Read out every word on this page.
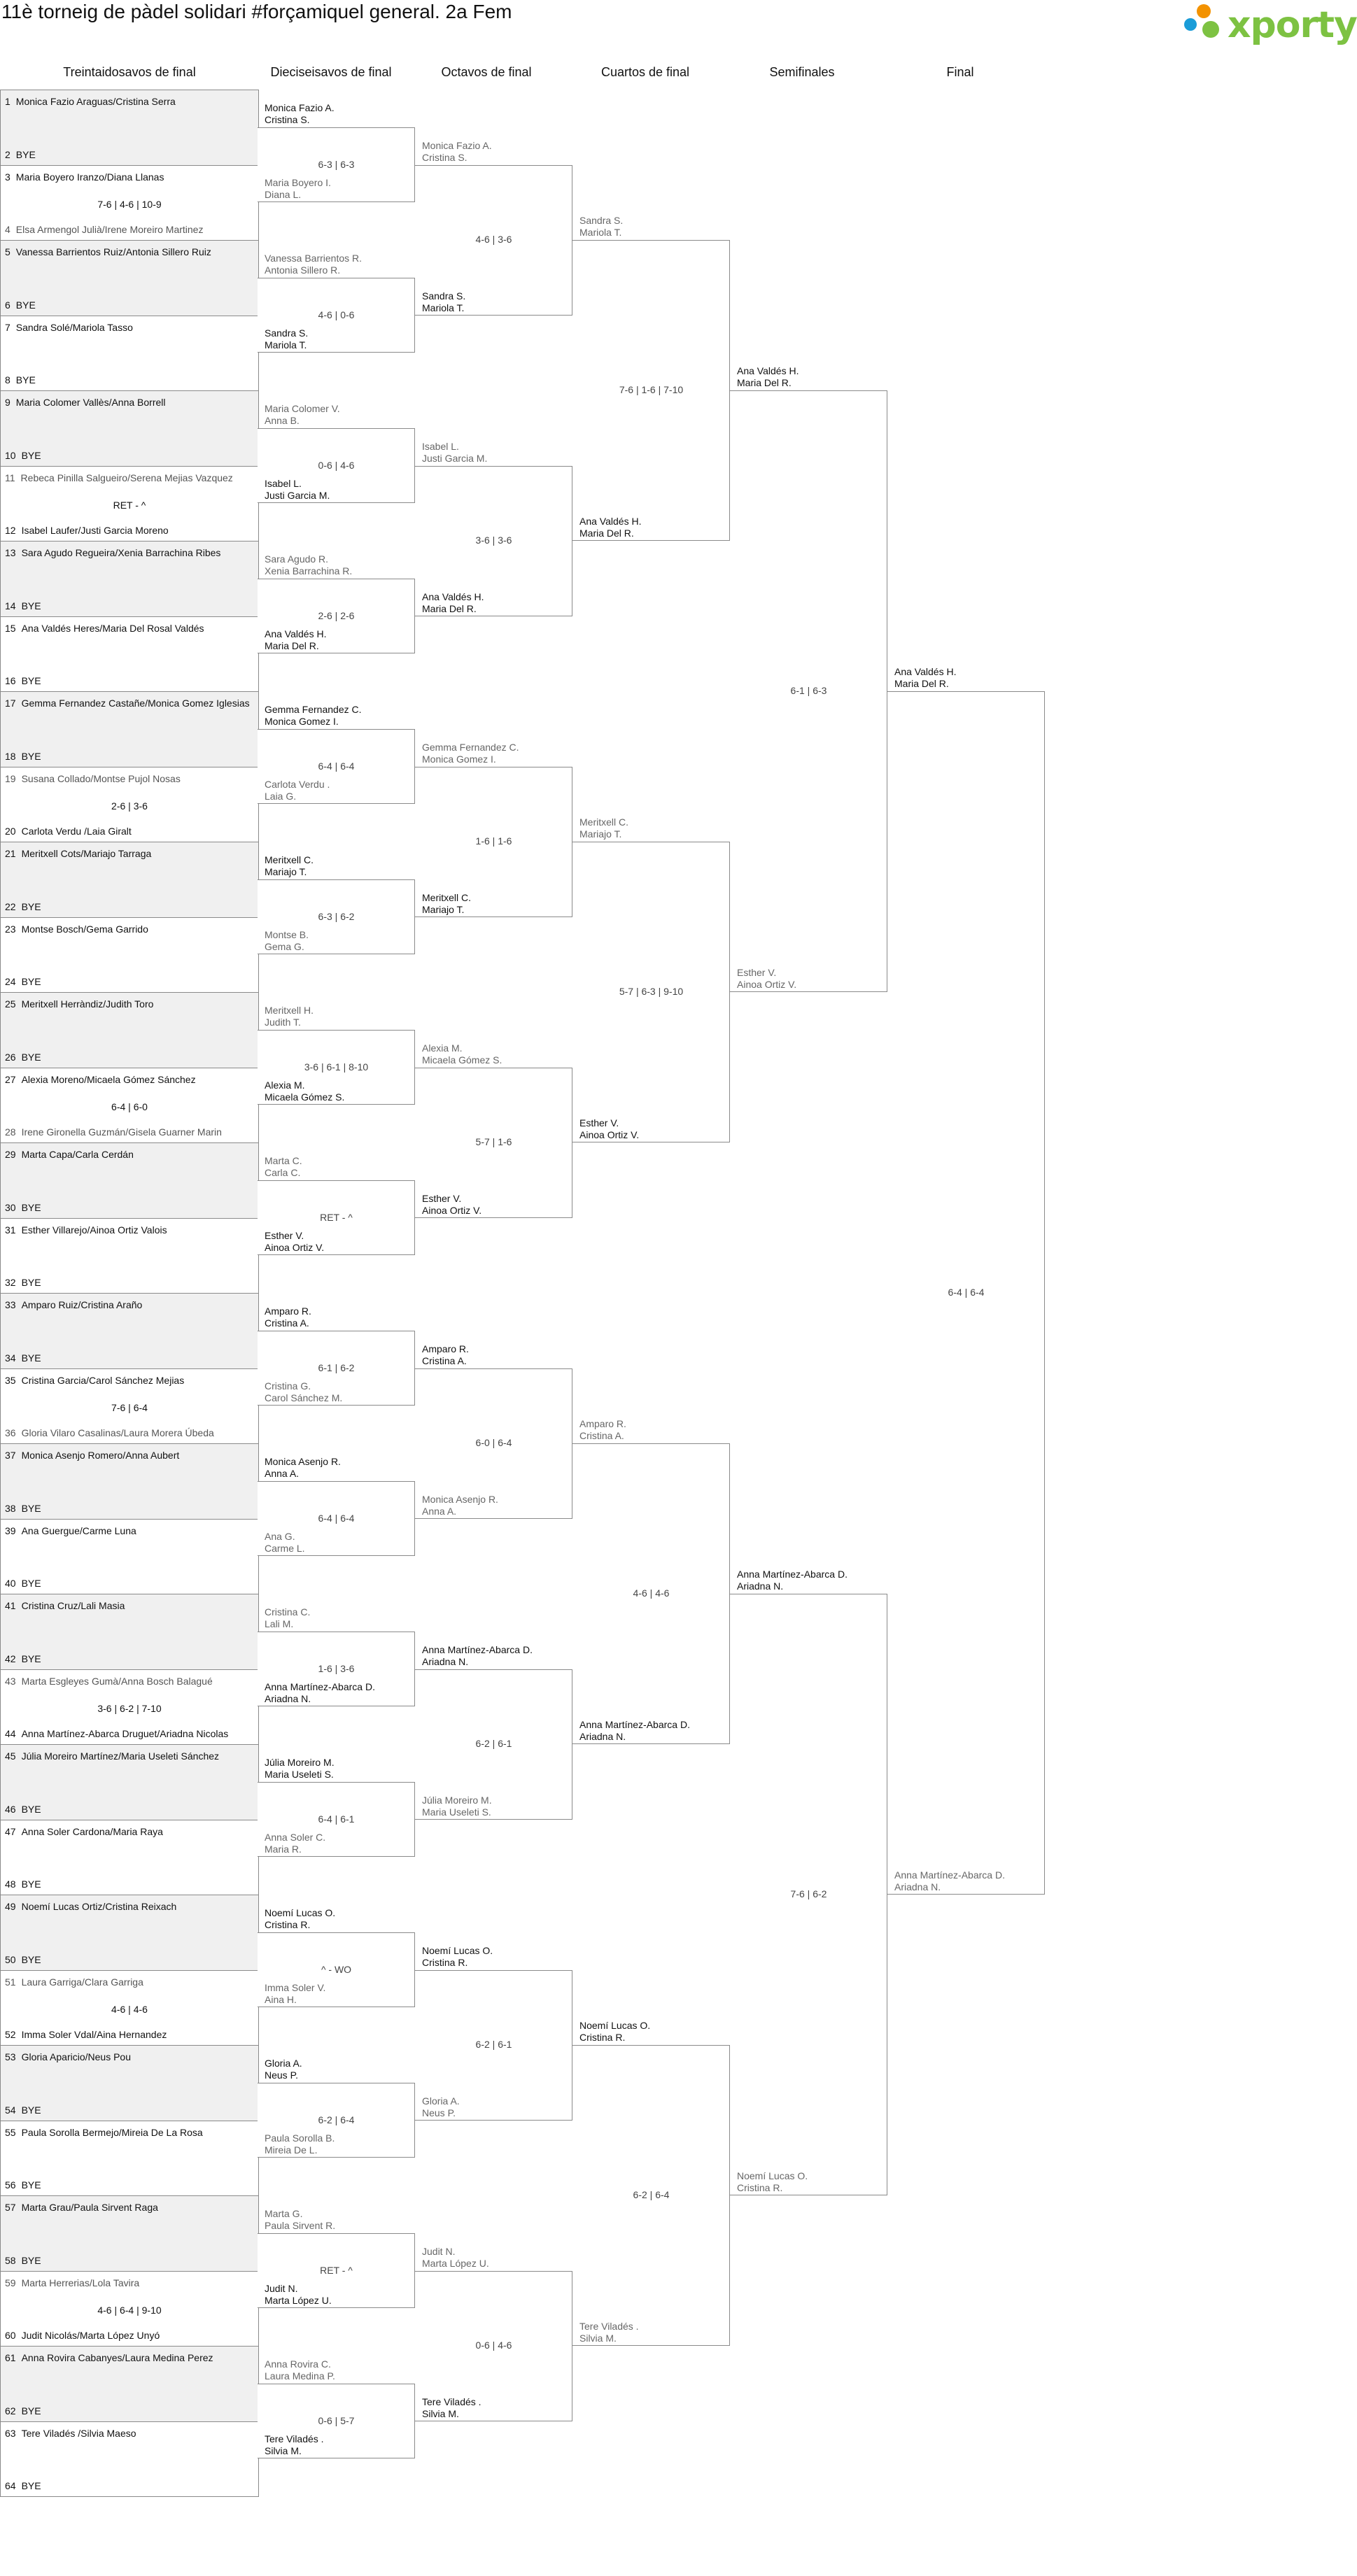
11è torneig de pàdel solidari #forçamiquel general. 2a Fem	xporty
1 Monica Fazio Araguas/Cristina Serra
2 BYE
3 Maria Boyero Iranzo/Diana Llanas
7-6 | 4-6 | 10-9
4 Elsa Armengol Julià/Irene Moreiro Martinez
5 Vanessa Barrientos Ruiz/Antonia Sillero Ruiz
6 BYE
7 Sandra Solé/Mariola Tasso
8 BYE
9 Maria Colomer Vallès/Anna Borrell
10 BYE
11 Rebeca Pinilla Salgueiro/Serena Mejias Vazquez
RET - ^
12 Isabel Laufer/Justi Garcia Moreno
13 Sara Agudo Regueira/Xenia Barrachina Ribes
14 BYE
15 Ana Valdés Heres/Maria Del Rosal Valdés
16 BYE
17 Gemma Fernandez Castañe/Monica Gomez Iglesias
18 BYE
19 Susana Collado/Montse Pujol Nosas
2-6 | 3-6
20 Carlota Verdu /Laia Giralt
21 Meritxell Cots/Mariajo Tarraga
22 BYE
23 Montse Bosch/Gema Garrido
24 BYE
25 Meritxell Herràndiz/Judith Toro
26 BYE
27 Alexia Moreno/Micaela Gómez Sánchez
6-4 | 6-0
28 Irene Gironella Guzmán/Gisela Guarner Marin
29 Marta Capa/Carla Cerdán
30 BYE
31 Esther Villarejo/Ainoa Ortiz Valois
32 BYE
33 Amparo Ruiz/Cristina Araño
34 BYE
35 Cristina Garcia/Carol Sánchez Mejias
7-6 | 6-4
36 Gloria Vilaro Casalinas/Laura Morera Úbeda
37 Monica Asenjo Romero/Anna Aubert
38 BYE
39 Ana Guergue/Carme Luna
40 BYE
41 Cristina Cruz/Lali Masia
42 BYE
43 Marta Esgleyes Gumà/Anna Bosch Balagué
3-6 | 6-2 | 7-10
44 Anna Martínez-Abarca Druguet/Ariadna Nicolas
45 Júlia Moreiro Martínez/Maria Useleti Sánchez
46 BYE
47 Anna Soler Cardona/Maria Raya
48 BYE
49 Noemí Lucas Ortiz/Cristina Reixach
50 BYE
51 Laura Garriga/Clara Garriga
4-6 | 4-6
52 Imma Soler Vdal/Aina Hernandez
53 Gloria Aparicio/Neus Pou
54 BYE
55 Paula Sorolla Bermejo/Mireia De La Rosa
56 BYE
57 Marta Grau/Paula Sirvent Raga
58 BYE
59 Marta Herrerias/Lola Tavira
4-6 | 6-4 | 9-10
60 Judit Nicolás/Marta López Unyó
61 Anna Rovira Cabanyes/Laura Medina Perez
62 BYE
63 Tere Viladés /Silvia Maeso
64 BYE
Monica Fazio A.
Cristina S.
Maria Boyero I.
Diana L.
6-3 | 6-3
Vanessa Barrientos R.
Antonia Sillero R.
Sandra S.
Mariola T.
4-6 | 0-6
Maria Colomer V.
Anna B.
Isabel L.
Justi Garcia M.
0-6 | 4-6
Sara Agudo R.
Xenia Barrachina R.
Ana Valdés H.
Maria Del R.
2-6 | 2-6
Gemma Fernandez C.
Monica Gomez I.
Carlota Verdu .
Laia G.
6-4 | 6-4
Meritxell C.
Mariajo T.
Montse B.
Gema G.
6-3 | 6-2
Meritxell H.
Judith T.
Alexia M.
Micaela Gómez S.
3-6 | 6-1 | 8-10
Marta C.
Carla C.
Esther V.
Ainoa Ortiz V.
RET - ^
Amparo R.
Cristina A.
Cristina G.
Carol Sánchez M.
6-1 | 6-2
Monica Asenjo R.
Anna A.
Ana G.
Carme L.
6-4 | 6-4
Cristina C.
Lali M.
Anna Martínez-Abarca D.
Ariadna N.
1-6 | 3-6
Júlia Moreiro M.
Maria Useleti S.
Anna Soler C.
Maria R.
6-4 | 6-1
Noemí Lucas O.
Cristina R.
Imma Soler V.
Aina H.
^ - WO
Gloria A.
Neus P.
Paula Sorolla B.
Mireia De L.
6-2 | 6-4
Marta G.
Paula Sirvent R.
Judit N.
Marta López U.
RET - ^
Anna Rovira C.
Laura Medina P.
Tere Viladés .
Silvia M.
0-6 | 5-7
Monica Fazio A.
Cristina S.
Sandra S.
Mariola T.
4-6 | 3-6
Isabel L.
Justi Garcia M.
Ana Valdés H.
Maria Del R.
3-6 | 3-6
Gemma Fernandez C.
Monica Gomez I.
Meritxell C.
Mariajo T.
1-6 | 1-6
Alexia M.
Micaela Gómez S.
Esther V.
Ainoa Ortiz V.
5-7 | 1-6
Amparo R.
Cristina A.
Monica Asenjo R.
Anna A.
6-0 | 6-4
Anna Martínez-Abarca D.
Ariadna N.
Júlia Moreiro M.
Maria Useleti S.
6-2 | 6-1
Noemí Lucas O.
Cristina R.
Gloria A.
Neus P.
6-2 | 6-1
Judit N.
Marta López U.
Tere Viladés .
Silvia M.
0-6 | 4-6
Sandra S.
Mariola T.
Ana Valdés H.
Maria Del R.
7-6 | 1-6 | 7-10
Meritxell C.
Mariajo T.
Esther V.
Ainoa Ortiz V.
5-7 | 6-3 | 9-10
Amparo R.
Cristina A.
Anna Martínez-Abarca D.
Ariadna N.
4-6 | 4-6
Noemí Lucas O.
Cristina R.
Tere Viladés .
Silvia M.
6-2 | 6-4
Ana Valdés H.
Maria Del R.
Esther V.
Ainoa Ortiz V.
6-1 | 6-3
Anna Martínez-Abarca D.
Ariadna N.
Noemí Lucas O.
Cristina R.
7-6 | 6-2
Ana Valdés H.
Maria Del R.
Anna Martínez-Abarca D.
Ariadna N.
6-4 | 6-4
Treintaidosavos de final	Dieciseisavos de final	Octavos de final	Cuartos de final	Semifinales	Final
